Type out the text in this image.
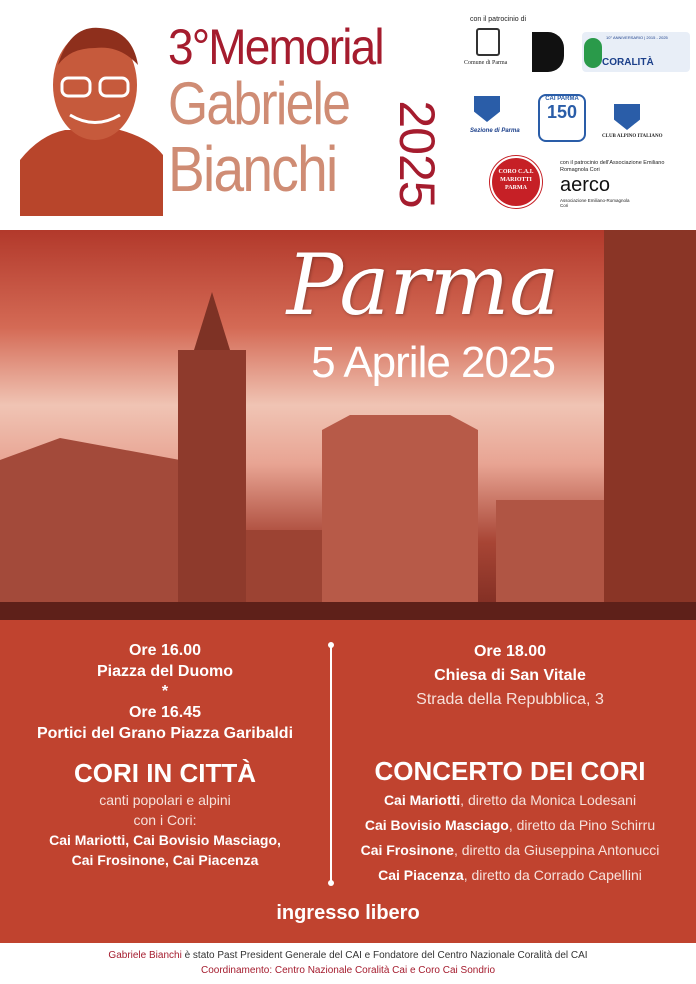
3°Memorial
Gabriele
Bianchi 2025
con il patrocinio di
Comune di Parma
10° ANNIVERSARIO | 2015 - 2025
CORALITÀ
Sezione di Parma
CAI PARMA
150
CLUB ALPINO ITALIANO
CORO C.A.I. MARIOTTI PARMA
con il patrocinio dell'Associazione Emiliano Romagnola Cori
aerco
Associazione Emiliano-Romagnola Cori
Parma
5 Aprile 2025
Ore 16.00
Piazza del Duomo
*
Ore 16.45
Portici del Grano Piazza Garibaldi
CORI IN CITTÀ
canti popolari e alpini
con i Cori:
Cai Mariotti, Cai Bovisio Masciago,
Cai Frosinone, Cai Piacenza
Ore 18.00
Chiesa di San Vitale
Strada della Repubblica, 3
CONCERTO DEI CORI
Cai Mariotti, diretto da Monica Lodesani
Cai Bovisio Masciago, diretto da Pino Schirru
Cai Frosinone, diretto da Giuseppina Antonucci
Cai Piacenza, diretto da Corrado Capellini
ingresso libero
Gabriele Bianchi è stato Past President Generale del CAI e Fondatore del Centro Nazionale Coralità del CAI
Coordinamento: Centro Nazionale Coralità Cai e Coro Cai Sondrio
